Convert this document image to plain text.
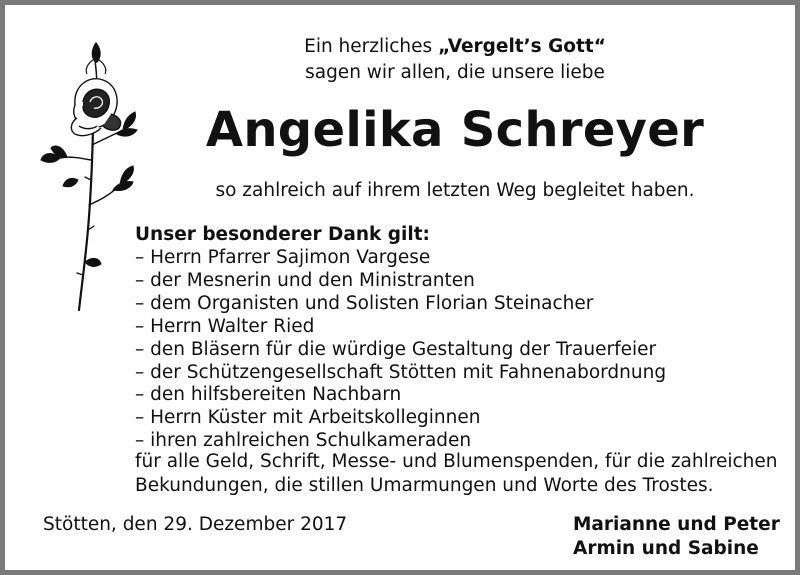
Ein herzliches „Vergelt’s Gott“
sagen wir allen, die unsere liebe
Angelika Schreyer
so zahlreich auf ihrem letzten Weg begleitet haben.
Unser besonderer Dank gilt:
– Herrn Pfarrer Sajimon Vargese
– der Mesnerin und den Ministranten
– dem Organisten und Solisten Florian Steinacher
– Herrn Walter Ried
– den Bläsern für die würdige Gestaltung der Trauerfeier
– der Schützengesellschaft Stötten mit Fahnenabordnung
– den hilfsbereiten Nachbarn
– Herrn Küster mit Arbeitskolleginnen
– ihren zahlreichen Schulkameraden
für alle Geld, Schrift, Messe- und Blumenspenden, für die zahlreichen
Bekundungen, die stillen Umarmungen und Worte des Trostes.
Stötten, den 29. Dezember 2017	Marianne und Peter
Armin und Sabine
